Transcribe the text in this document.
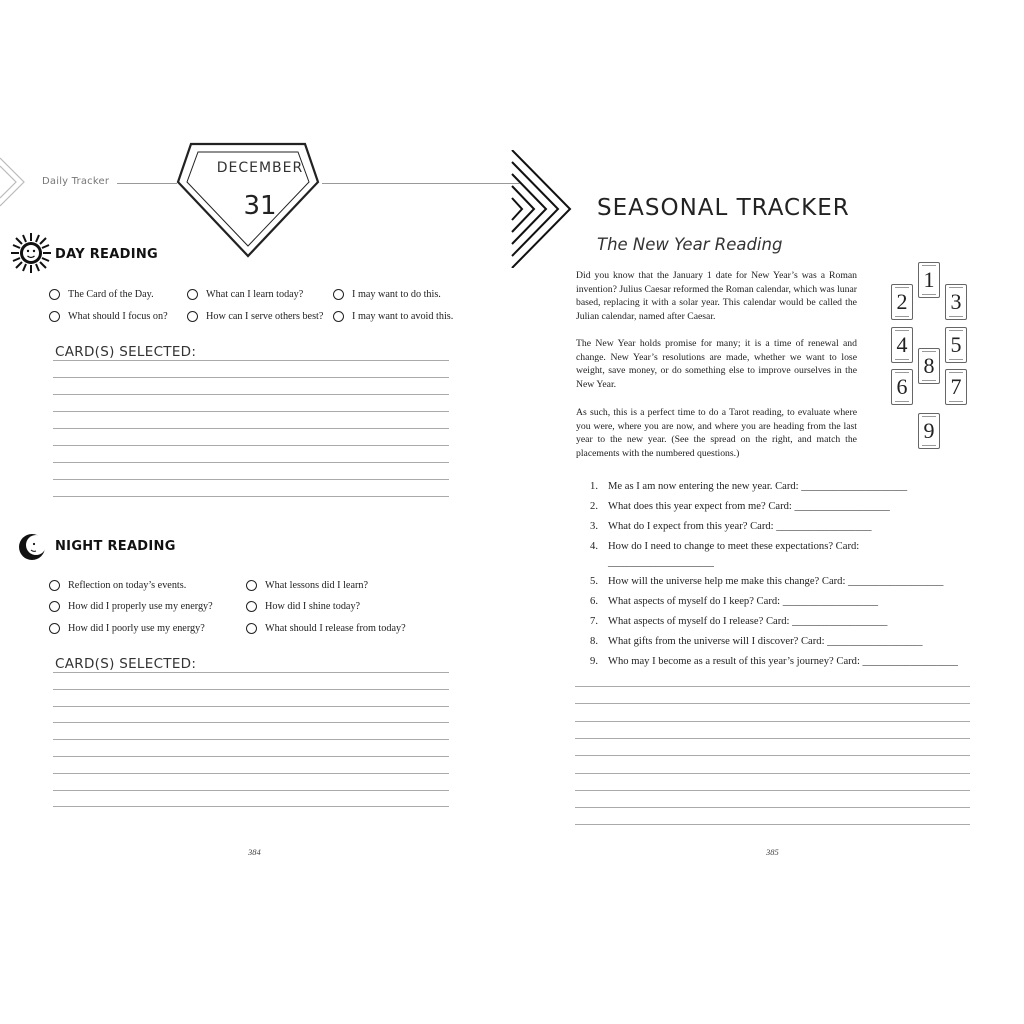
Daily Tracker
DECEMBER
31
DAY READING
The Card of the Day.	What can I learn today?	I may want to do this.
What should I focus on?	How can I serve others best?	I may want to avoid this.
CARD(S) SELECTED:
NIGHT READING
Reflection on today’s events.	What lessons did I learn?
How did I properly use my energy?	How did I shine today?
How did I poorly use my energy?	What should I release from today?
CARD(S) SELECTED:
384
SEASONAL TRACKER
The New Year Reading
Did you know that the January 1 date for New Year’s was a Roman invention? Julius Caesar reformed the Roman calendar, which was lunar based, replacing it with a solar year. This calendar would be called the Julian calendar, named after Caesar.
The New Year holds promise for many; it is a time of renewal and change. New Year’s resolutions are made, whether we want to lose weight, save money, or do something else to improve ourselves in the New Year.
As such, this is a perfect time to do a Tarot reading, to evaluate where you were, where you are now, and where you are heading from the last year to the new year. (See the spread on the right, and match the placements with the numbered questions.)
1
2 3
4 5
8
6 7
9
1. Me as I am now entering the new year. Card: ____________________
2. What does this year expect from me? Card: __________________
3. What do I expect from this year? Card: __________________
4. How do I need to change to meet these expectations? Card:
____________________
5. How will the universe help me make this change? Card: __________________
6. What aspects of myself do I keep? Card: __________________
7. What aspects of myself do I release? Card: __________________
8. What gifts from the universe will I discover? Card: __________________
9. Who may I become as a result of this year’s journey? Card: __________________
385
